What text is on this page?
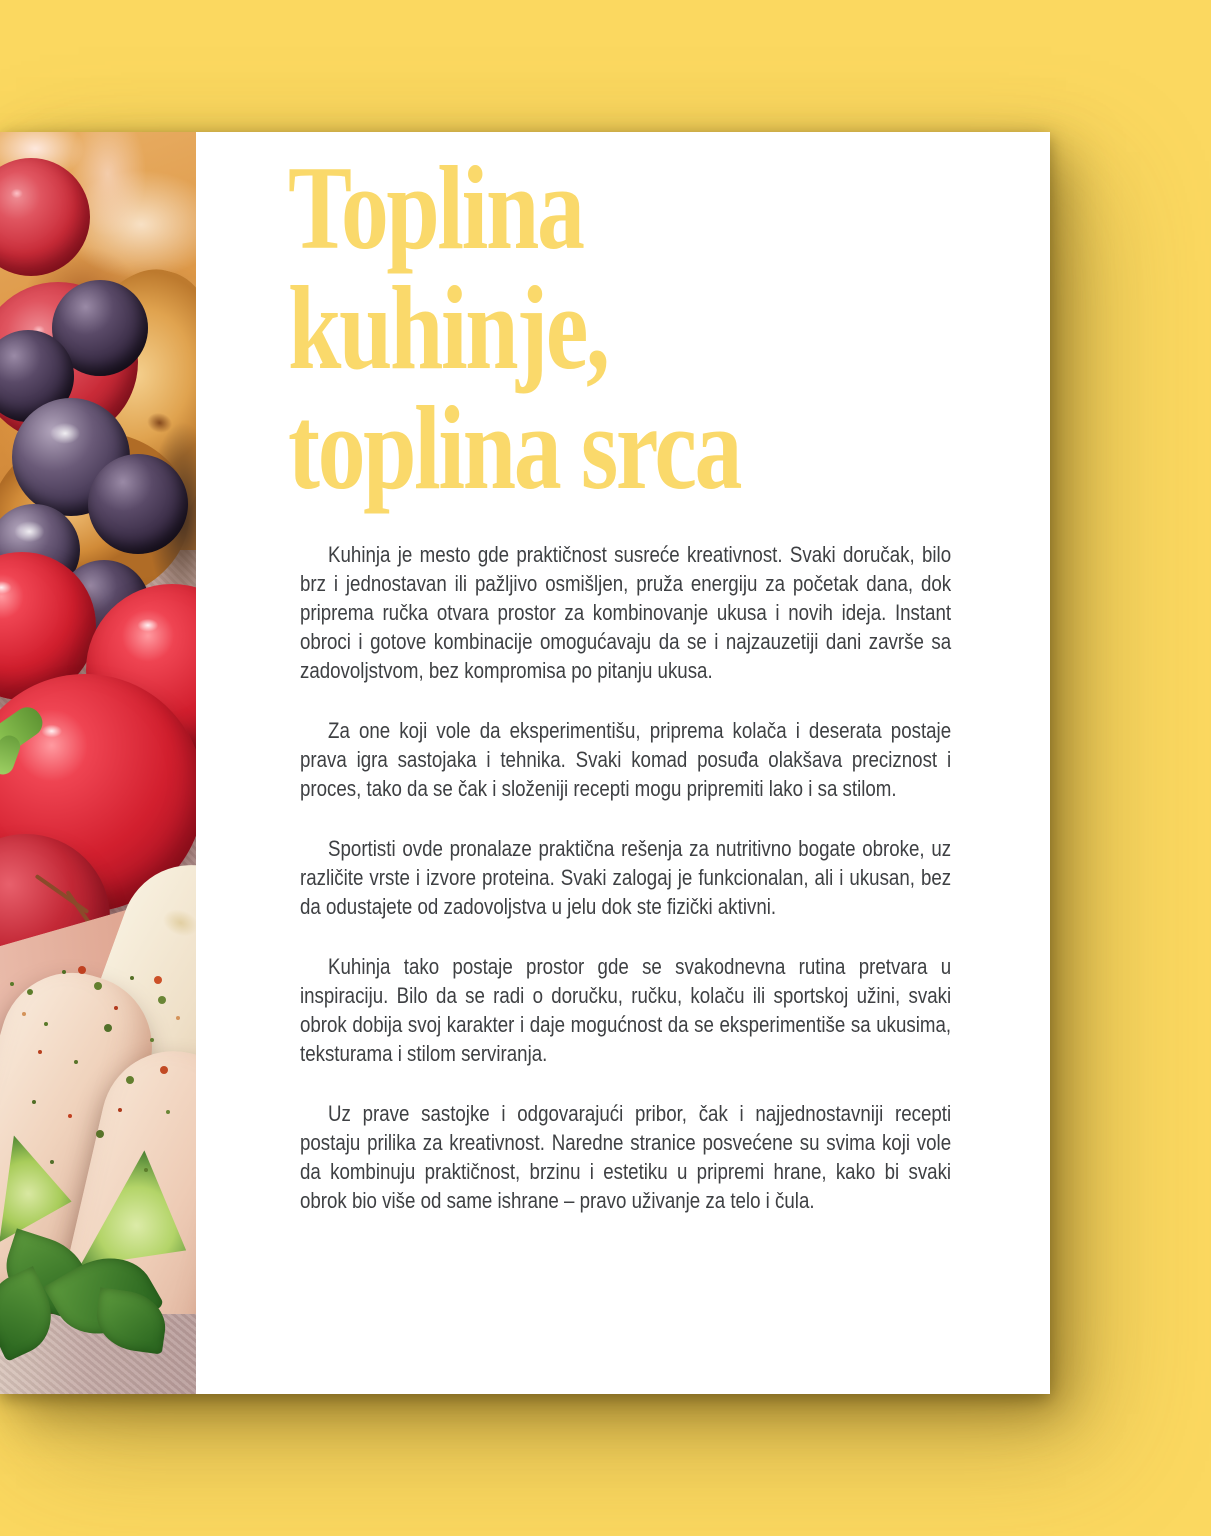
Toplina
kuhinje,
toplina srca

Kuhinja je mesto gde praktičnost susreće kreativnost. Svaki doručak, bilo brz i jednostavan ili pažljivo osmišljen, pruža energiju za početak dana, dok priprema ručka otvara prostor za kombinovanje ukusa i novih ideja. Instant obroci i gotove kombinacije omogućavaju da se i najzauzetiji dani završe sa zadovoljstvom, bez kompromisa po pitanju ukusa.

Za one koji vole da eksperimentišu, priprema kolača i deserata postaje prava igra sastojaka i tehnika. Svaki komad posuđa olakšava preciznost i proces, tako da se čak i složeniji recepti mogu pripremiti lako i sa stilom.

Sportisti ovde pronalaze praktična rešenja za nutritivno bogate obroke, uz različite vrste i izvore proteina. Svaki zalogaj je funkcionalan, ali i ukusan, bez da odustajete od zadovoljstva u jelu dok ste fizički aktivni.

Kuhinja tako postaje prostor gde se svakodnevna rutina pretvara u inspiraciju. Bilo da se radi o doručku, ručku, kolaču ili sportskoj užini, svaki obrok dobija svoj karakter i daje mogućnost da se eksperimentiše sa ukusima, teksturama i stilom serviranja.

Uz prave sastojke i odgovarajući pribor, čak i najjednostavniji recepti postaju prilika za kreativnost. Naredne stranice posvećene su svima koji vole da kombinuju praktičnost, brzinu i estetiku u pripremi hrane, kako bi svaki obrok bio više od same ishrane – pravo uživanje za telo i čula.
